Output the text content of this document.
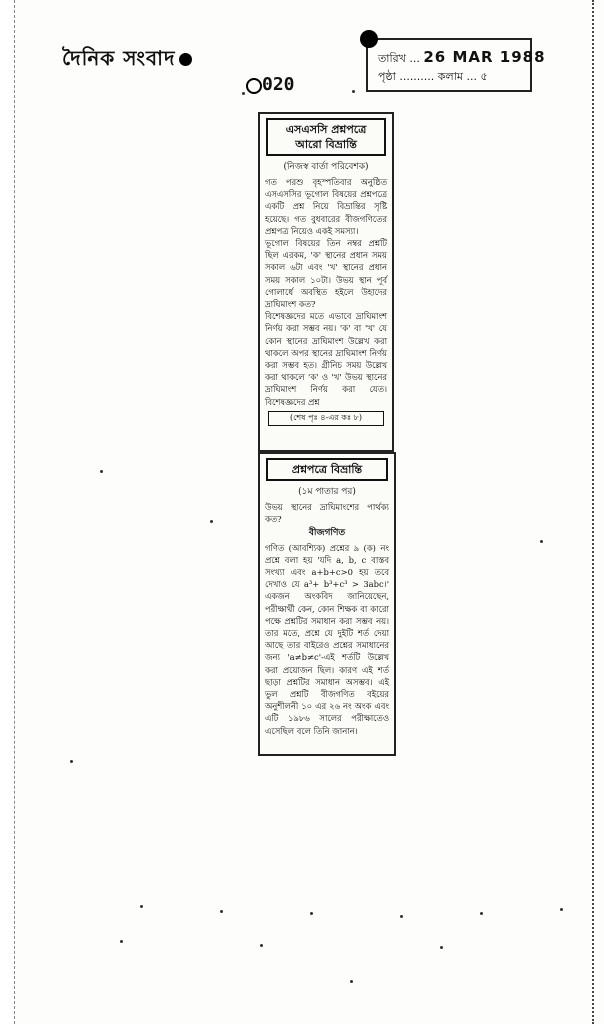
দৈনিক সংবাদ	তারিখ ... 26 MAR 1988
পৃষ্ঠা .......... কলাম ... ৫
020
এসএসসি প্রশ্নপত্রে
আরো বিভ্রান্তি
(নিজস্ব বার্তা পরিবেশক)

গত পরশু বৃহস্পতিবার অনুষ্ঠিত এসএসসির ভূগোল বিষয়ের প্রশ্নপত্রে একটি প্রশ্ন নিয়ে বিভ্রান্তির সৃষ্টি হয়েছে। গত বুধবারের বীজগণিতের প্রশ্নপত্র নিয়েও একই সমস্যা।

ভূগোল বিষয়ের তিন নম্বর প্রশ্নটি ছিল এরকম, 'ক' স্থানের প্রধান সময় সকাল ৬টা এবং 'খ' স্থানের প্রধান সময় সকাল ১০টা। উভয় স্থান পূর্ব গোলার্ধে অবস্থিত হইলে উহাদের দ্রাঘিমাংশ কত?

বিশেষজ্ঞদের মতে এভাবে দ্রাঘিমাংশ নির্ণয় করা সম্ভব নয়। 'ক' বা 'খ' যে কোন স্থানের দ্রাঘিমাংশ উল্লেখ করা থাকলে অপর স্থানের দ্রাঘিমাংশ নির্ণয় করা সম্ভব হত। গ্রীনিচ সময় উল্লেখ করা থাকলে 'ক' ও 'খ' উভয় স্থানের দ্রাঘিমাংশ নির্ণয় করা যেত। বিশেষজ্ঞদের প্রশ্ন

(শেষ পৃঃ ৪-এর কঃ ৮)
প্রশ্নপত্রে বিভ্রান্তি
(১ম পাতার পর)

উভয় স্থানের দ্রাঘিমাংশের পার্থক্য কত?

বীজগণিত

গণিত (আবশ্যিক) প্রশ্নের ৯ (ক) নং প্রশ্নে বলা হয় 'যদি a, b, c বাস্তব সংখ্যা এবং a+b+c>0 হয় তবে দেখাও যে a³+ b³+c³ > 3abc।' একজন অংকবিদ জানিয়েছেন, পরীক্ষার্থী কেন, কোন শিক্ষক বা কারো পক্ষে প্রশ্নটির সমাধান করা সম্ভব নয়। তার মতে, প্রশ্নে যে দুইটি শর্ত দেয়া আছে তার বাইরেও প্রশ্নের সমাধানের জন্য 'a≠b≠c'-এই শর্তটি উল্লেখ করা প্রয়োজন ছিল। কারণ এই শর্ত ছাড়া প্রশ্নটির সমাধান অসম্ভব। এই ভুল প্রশ্নটি বীজগণিত বইয়ের অনুশীলনী ১০ এর ২৬ নং অংক এবং এটি ১৯৮৬ সালের পরীক্ষাতেও এসেছিল বলে তিনি জানান।
